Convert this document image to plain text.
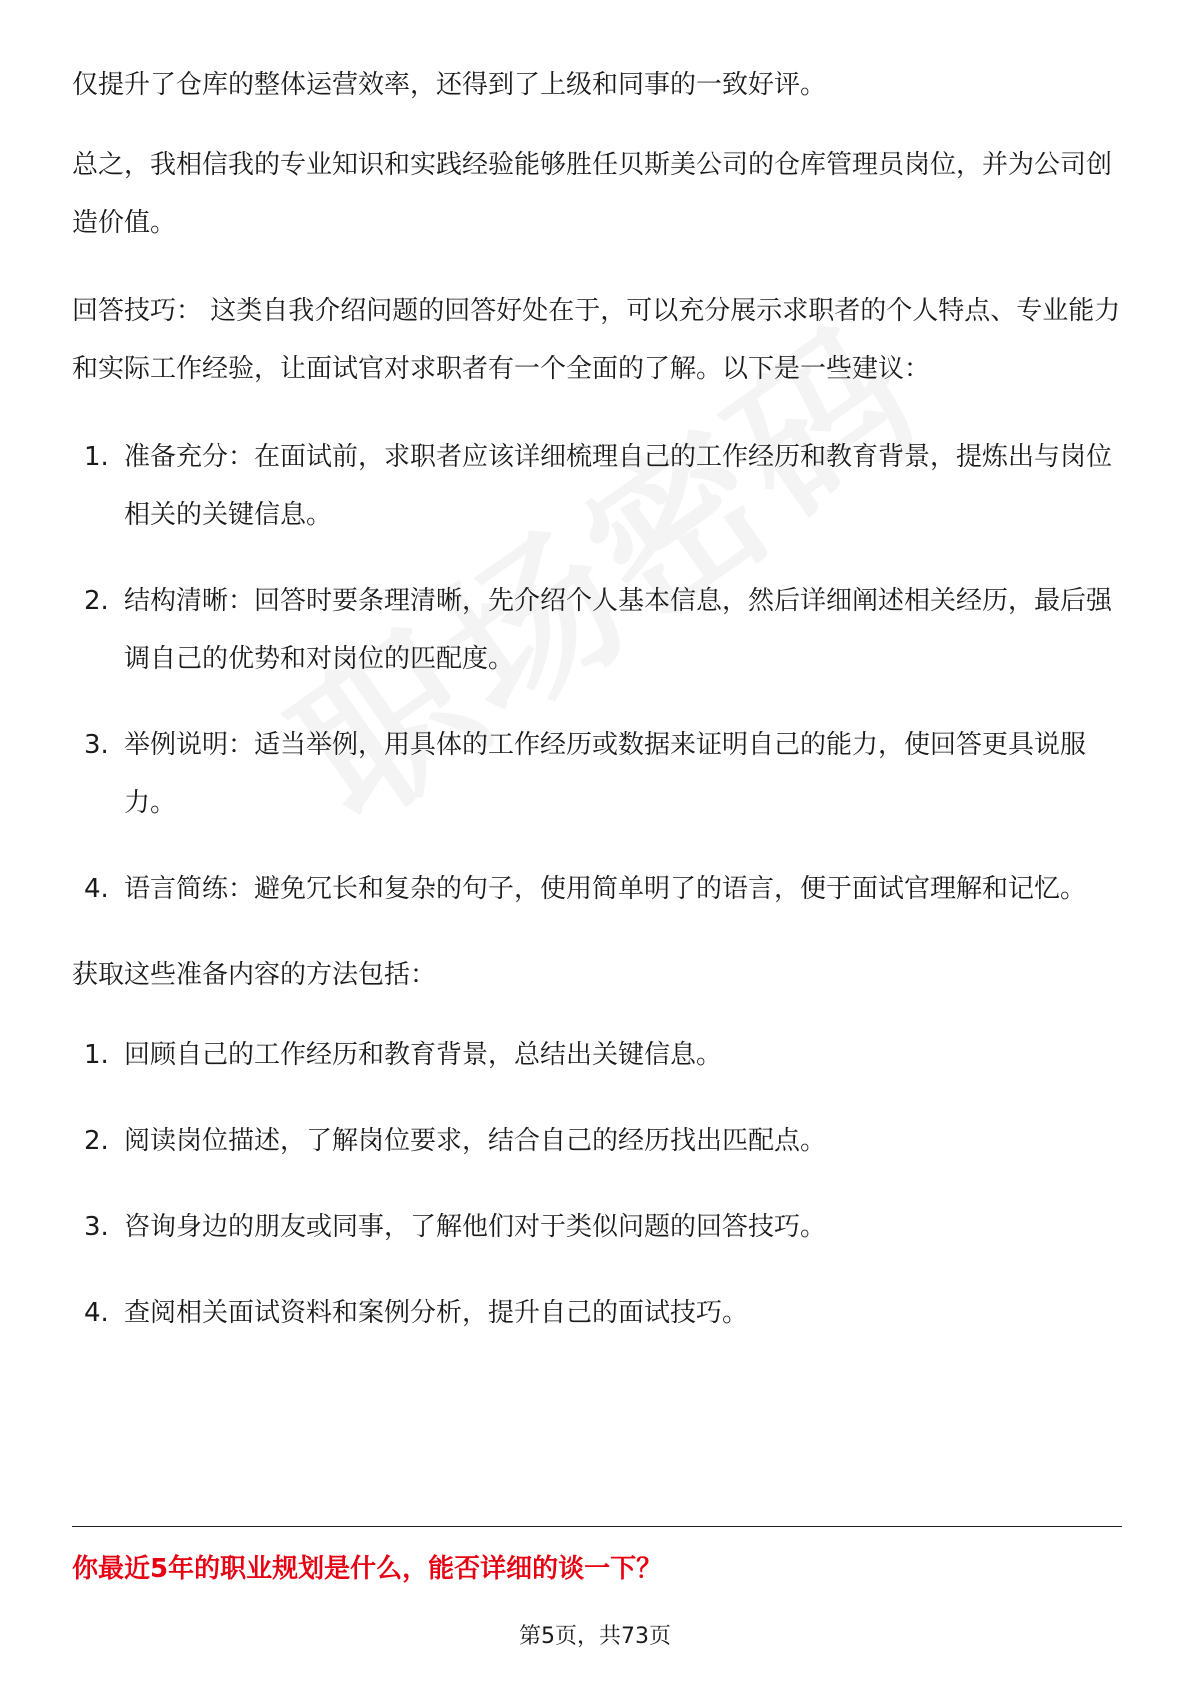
仅提升了仓库的整体运营效率，还得到了上级和同事的一致好评。

总之，我相信我的专业知识和实践经验能够胜任贝斯美公司的仓库管理员岗位，并为公司创造价值。

回答技巧： 这类自我介绍问题的回答好处在于，可以充分展示求职者的个人特点、专业能力和实际工作经验，让面试官对求职者有一个全面的了解。以下是一些建议：

1. 准备充分：在面试前，求职者应该详细梳理自己的工作经历和教育背景，提炼出与岗位相关的关键信息。
2. 结构清晰：回答时要条理清晰，先介绍个人基本信息，然后详细阐述相关经历，最后强调自己的优势和对岗位的匹配度。
3. 举例说明：适当举例，用具体的工作经历或数据来证明自己的能力，使回答更具说服力。
4. 语言简练：避免冗长和复杂的句子，使用简单明了的语言，便于面试官理解和记忆。

获取这些准备内容的方法包括：

1. 回顾自己的工作经历和教育背景，总结出关键信息。
2. 阅读岗位描述，了解岗位要求，结合自己的经历找出匹配点。
3. 咨询身边的朋友或同事，了解他们对于类似问题的回答技巧。
4. 查阅相关面试资料和案例分析，提升自己的面试技巧。
你最近5年的职业规划是什么，能否详细的谈一下？
第5页，共73页
